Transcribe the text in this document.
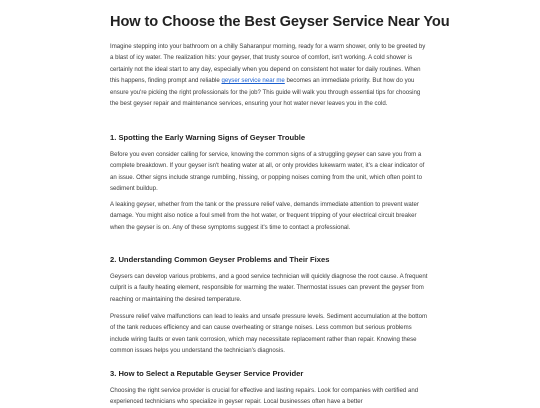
How to Choose the Best Geyser Service Near You

Imagine stepping into your bathroom on a chilly Saharanpur morning, ready for a warm shower, only to be greeted by a blast of icy water. The realization hits: your geyser, that trusty source of comfort, isn't working. A cold shower is certainly not the ideal start to any day, especially when you depend on consistent hot water for daily routines. When this happens, finding prompt and reliable geyser service near me becomes an immediate priority. But how do you ensure you're picking the right professionals for the job? This guide will walk you through essential tips for choosing the best geyser repair and maintenance services, ensuring your hot water never leaves you in the cold.

1. Spotting the Early Warning Signs of Geyser Trouble

Before you even consider calling for service, knowing the common signs of a struggling geyser can save you from a complete breakdown. If your geyser isn't heating water at all, or only provides lukewarm water, it's a clear indicator of an issue. Other signs include strange rumbling, hissing, or popping noises coming from the unit, which often point to sediment buildup.

A leaking geyser, whether from the tank or the pressure relief valve, demands immediate attention to prevent water damage. You might also notice a foul smell from the hot water, or frequent tripping of your electrical circuit breaker when the geyser is on. Any of these symptoms suggest it's time to contact a professional.

2. Understanding Common Geyser Problems and Their Fixes

Geysers can develop various problems, and a good service technician will quickly diagnose the root cause. A frequent culprit is a faulty heating element, responsible for warming the water. Thermostat issues can prevent the geyser from reaching or maintaining the desired temperature.

Pressure relief valve malfunctions can lead to leaks and unsafe pressure levels. Sediment accumulation at the bottom of the tank reduces efficiency and can cause overheating or strange noises. Less common but serious problems include wiring faults or even tank corrosion, which may necessitate replacement rather than repair. Knowing these common issues helps you understand the technician's diagnosis.

3. How to Select a Reputable Geyser Service Provider

Choosing the right service provider is crucial for effective and lasting repairs. Look for companies with certified and experienced technicians who specialize in geyser repair. Local businesses often have a better
